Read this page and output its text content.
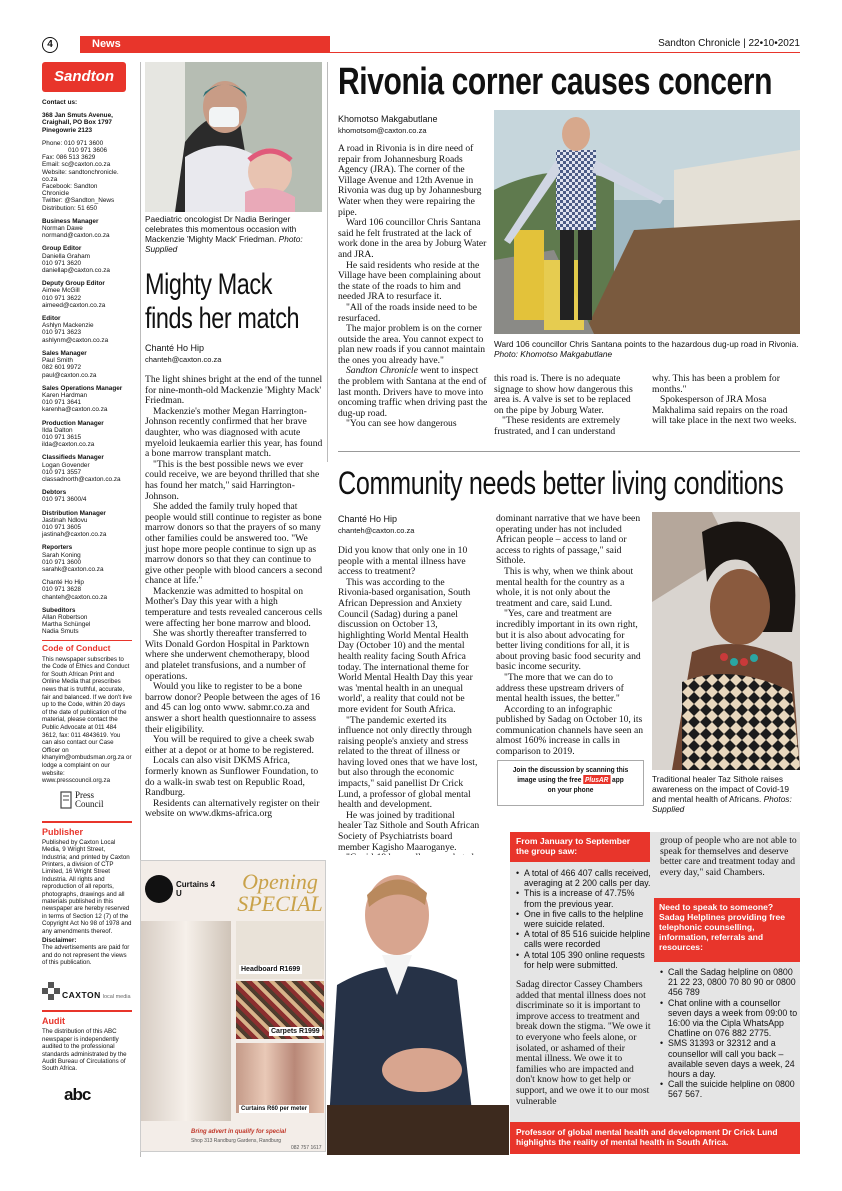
4	News	Sandton Chronicle | 22•10•2021
Sandton
Contact us:
368 Jan Smuts Avenue,
Craighall, PO Box 1797
Pinegowrie 2123
Phone: 010 971 3600
010 971 3606
Fax: 086 513 3629
Email: sc@caxton.co.za
Website: sandtonchronicle.
co.za
Facebook: Sandton
Chronicle
Twitter: @Sandton_News
Distribution: 51 650
Business Manager
Norman Dawe
normand@caxton.co.za
Group Editor
Daniella Graham
010 971 3620
daniellap@caxton.co.za
Deputy Group Editor
Aimee McGill
010 971 3622
aimeed@caxton.co.za
Editor
Ashlyn Mackenzie
010 971 3623
ashlynm@caxton.co.za
Sales Manager
Paul Smith
082 601 9972
paul@caxton.co.za
Sales Operations Manager
Karen Hardman
010 971 3641
karenha@caxton.co.za
Production Manager
Ilda Dalton
010 971 3615
ilda@caxton.co.za
Classifieds Manager
Logan Govender
010 971 3557
classadnorth@caxton.co.za
Debtors
010 971 3600/4
Distribution Manager
Jastinah Ndlovu
010 971 3605
jastinah@caxton.co.za
Reporters
Sarah Koning
010 971 3600
sarahk@caxton.co.za
Chanté Ho Hip
010 971 3628
chanteh@caxton.co.za
Subeditors
Allan Robertson
Martha Schüngel
Nadia Smuts
Code of Conduct
This newspaper subscribes to the Code of Ethics and Conduct for South African Print and Online Media that prescribes news that is truthful, accurate, fair and balanced. If we don't live up to the Code, within 20 days of the date of publication of the material, please contact the Public Advocate at 011 484 3612, fax: 011 4843619. You can also contact our Case Officer on khanyim@ombudsman.org.za or lodge a complaint on our website: www.presscouncil.org.za
Press Council
Publisher
Published by Caxton Local Media, 9 Wright Street, Industria; and printed by Caxton Printers, a division of CTP Limited, 16 Wright Street Industria. All rights and reproduction of all reports, photographs, drawings and all materials published in this newspaper are hereby reserved in terms of Section 12 (7) of the Copyright Act No 98 of 1978 and any amendments thereof.
Disclaimer:
The advertisements are paid for and do not represent the views of this publication.
CAXTON local media
Audit
The distribution of this ABC newspaper is independently audited to the professional standards administrated by the Audit Bureau of Circulations of South Africa.
abc
Paediatric oncologist Dr Nadia Beringer celebrates this momentous occasion with Mackenzie 'Mighty Mack' Friedman. Photo: Supplied
Mighty Mack finds her match
Chanté Ho Hip
chanteh@caxton.co.za

The light shines bright at the end of the tunnel for nine-month-old Mackenzie 'Mighty Mack' Friedman.

Mackenzie's mother Megan Harrington-Johnson recently confirmed that her brave daughter, who was diagnosed with acute myeloid leukaemia earlier this year, has found a bone marrow transplant match.

"This is the best possible news we ever could receive, we are beyond thrilled that she has found her match," said Harrington-Johnson.

She added the family truly hoped that people would still continue to register as bone marrow donors so that the prayers of so many other families could be answered too. "We just hope more people continue to sign up as marrow donors so that they can continue to give other people with blood cancers a second chance at life."

Mackenzie was admitted to hospital on Mother's Day this year with a high temperature and tests revealed cancerous cells were affecting her bone marrow and blood.

She was shortly thereafter transferred to Wits Donald Gordon Hospital in Parktown where she underwent chemotherapy, blood and platelet transfusions, and a number of operations.

Would you like to register to be a bone barrow donor? People between the ages of 16 and 45 can log onto www. sabmr.co.za and answer a short health questionnaire to assess their eligibility.

You will be required to give a cheek swab either at a depot or at home to be registered.

Locals can also visit DKMS Africa, formerly known as Sunflower Foundation, to do a walk-in swab test on Republic Road, Randburg.

Residents can alternatively register on their website on www.dkms-africa.org

Curtains 4 U	Opening SPECIAL
Headboard R1699
Carpets R1999
Curtains R60 per meter
Bring advert in qualify for special
Shop 313 Randburg Gardens, Randburg
082 757 1617
Rivonia corner causes concern
Khomotso Makgabutlane
khomotsom@caxton.co.za

A road in Rivonia is in dire need of repair from Johannesburg Roads Agency (JRA). The corner of the Village Avenue and 12th Avenue in Rivonia was dug up by Johannesburg Water when they were repairing the pipe.

Ward 106 councillor Chris Santana said he felt frustrated at the lack of work done in the area by Joburg Water and JRA.

He said residents who reside at the Village have been complaining about the state of the roads to him and needed JRA to resurface it.

"All of the roads inside need to be resurfaced.

The major problem is on the corner outside the area. You cannot expect to plan new roads if you cannot maintain the ones you already have."

Sandton Chronicle went to inspect the problem with Santana at the end of last month. Drivers have to move into oncoming traffic when driving past the dug-up road.

"You can see how dangerous

Ward 106 councillor Chris Santana points to the hazardous dug-up road in Rivonia. Photo: Khomotso Makgabutlane

this road is. There is no adequate signage to show how dangerous this area is. A valve is set to be replaced on the pipe by Joburg Water.

"These residents are extremely frustrated, and I can understand

why. This has been a problem for months."

Spokesperson of JRA Mosa Makhalima said repairs on the road will take place in the next two weeks.

Community needs better living conditions
Chanté Ho Hip
chanteh@caxton.co.za

Did you know that only one in 10 people with a mental illness have access to treatment?

This was according to the Rivonia-based organisation, South African Depression and Anxiety Council (Sadag) during a panel discussion on October 13, highlighting World Mental Health Day (October 10) and the mental health reality facing South Africa today. The international theme for World Mental Health Day this year was 'mental health in an unequal world', a reality that could not be more evident for South Africa.

"The pandemic exerted its influence not only directly through raising people's anxiety and stress related to the threat of illness or having loved ones that we have lost, but also through the economic impacts," said panellist Dr Crick Lund, a professor of global mental health and development.

He was joined by traditional healer Taz Sithole and South African Society of Psychiatrists board member Kagisho Maaroganye.

dominant narrative that we have been operating under has not included African people – access to land or access to rights of passage," said Sithole.

This is why, when we think about mental health for the country as a whole, it is not only about the treatment and care, said Lund.

"Yes, care and treatment are incredibly important in its own right, but it is also about advocating for better living conditions for all, it is about proving basic food security and basic income security.

"The more that we can do to address these upstream drivers of mental health issues, the better."

According to an infographic published by Sadag on October 10, its communication channels have seen an almost 160% increase in calls in comparison to 2019.

Join the discussion by scanning this
image using the free PlusAR app
on your phone
Traditional healer Taz Sithole raises awareness on the impact of Covid-19 and mental health of Africans. Photos: Supplied
From January to September the group saw:
• A total of 466 407 calls received, averaging at 2 200 calls per day.
• This is a increase of 47.75% from the previous year.
• One in five calls to the helpline were suicide related.
• A total of 85 516 suicide helpline calls were recorded
• A total 105 390 online requests for help were submitted.

Sadag director Cassey Chambers added that mental illness does not discriminate so it is important to improve access to treatment and break down the stigma. "We owe it to everyone who feels alone, or isolated, or ashamed of their mental illness. We owe it to families who are impacted and don't know how to get help or support, and we owe it to our most vulnerable

group of people who are not able to speak for themselves and deserve better care and treatment today and every day," said Chambers.

Need to speak to someone? Sadag Helplines providing free telephonic counselling, information, referrals and resources:
• Call the Sadag helpline on 0800 21 22 23, 0800 70 80 90 or 0800 456 789
• Chat online with a counsellor seven days a week from 09:00 to 16:00 via the Cipla WhatsApp Chatline on 076 882 2775.
• SMS 31393 or 32312 and a counsellor will call you back – available seven days a week, 24 hours a day.
• Call the suicide helpline on 0800 567 567.
Professor of global mental health and development Dr Crick Lund highlights the reality of mental health in South Africa.
